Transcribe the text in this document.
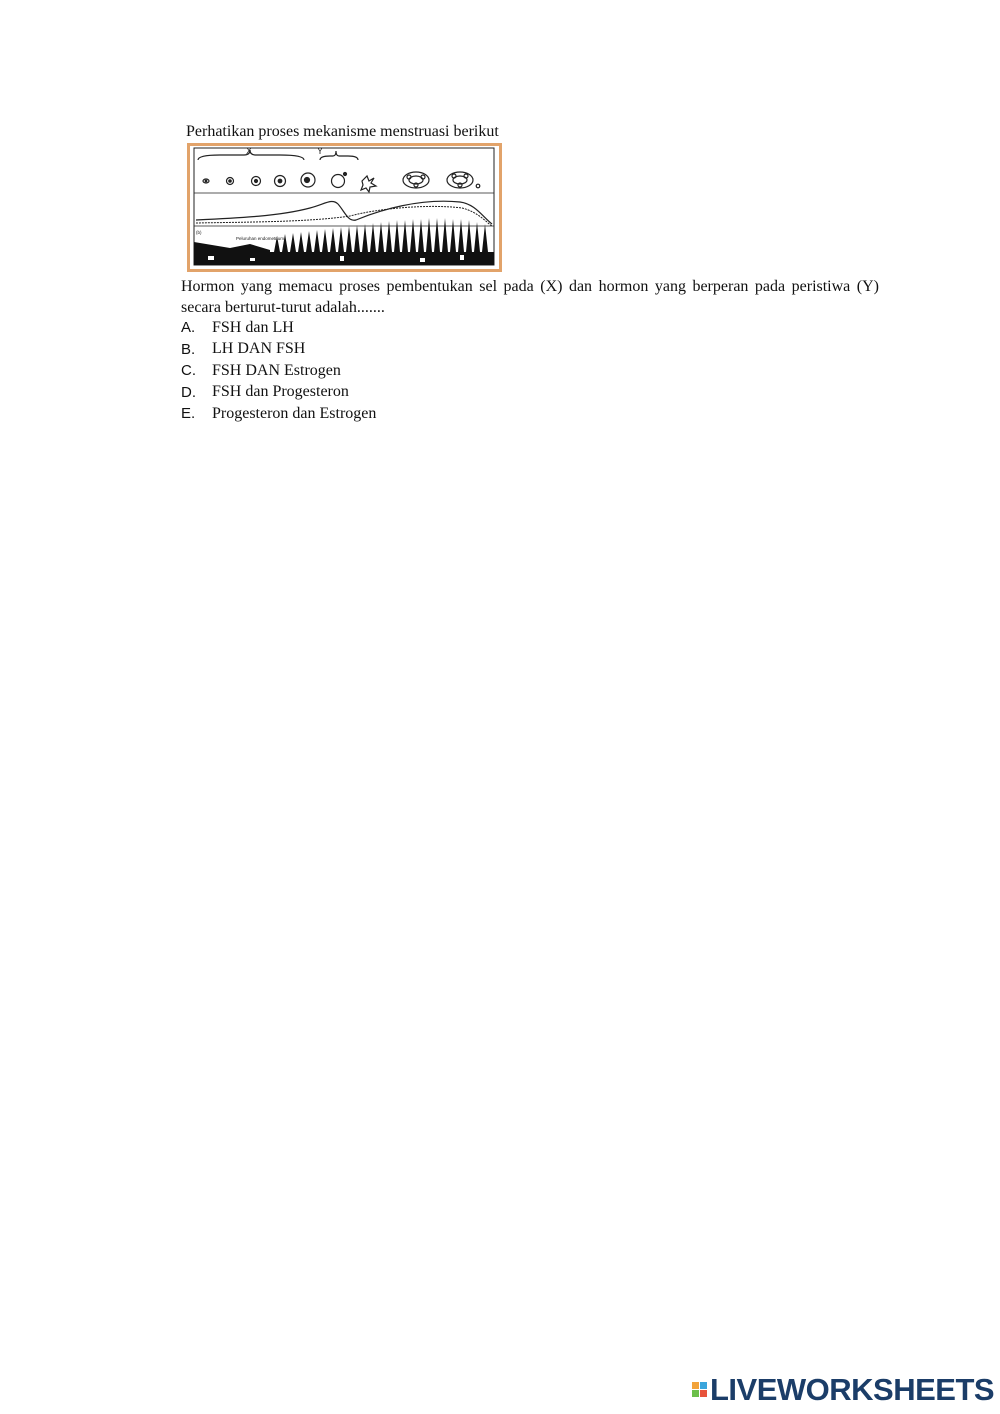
Perhatikan proses mekanisme menstruasi berikut
X	Y
(b)
Peluruhan endometrium
Hormon yang memacu proses pembentukan sel pada (X) dan hormon yang berperan pada peristiwa (Y) secara berturut-turut adalah.......
A.	FSH dan LH
B.	LH DAN FSH
C.	FSH DAN Estrogen
D.	FSH dan Progesteron
E.	Progesteron dan Estrogen
LIVEWORKSHEETS
